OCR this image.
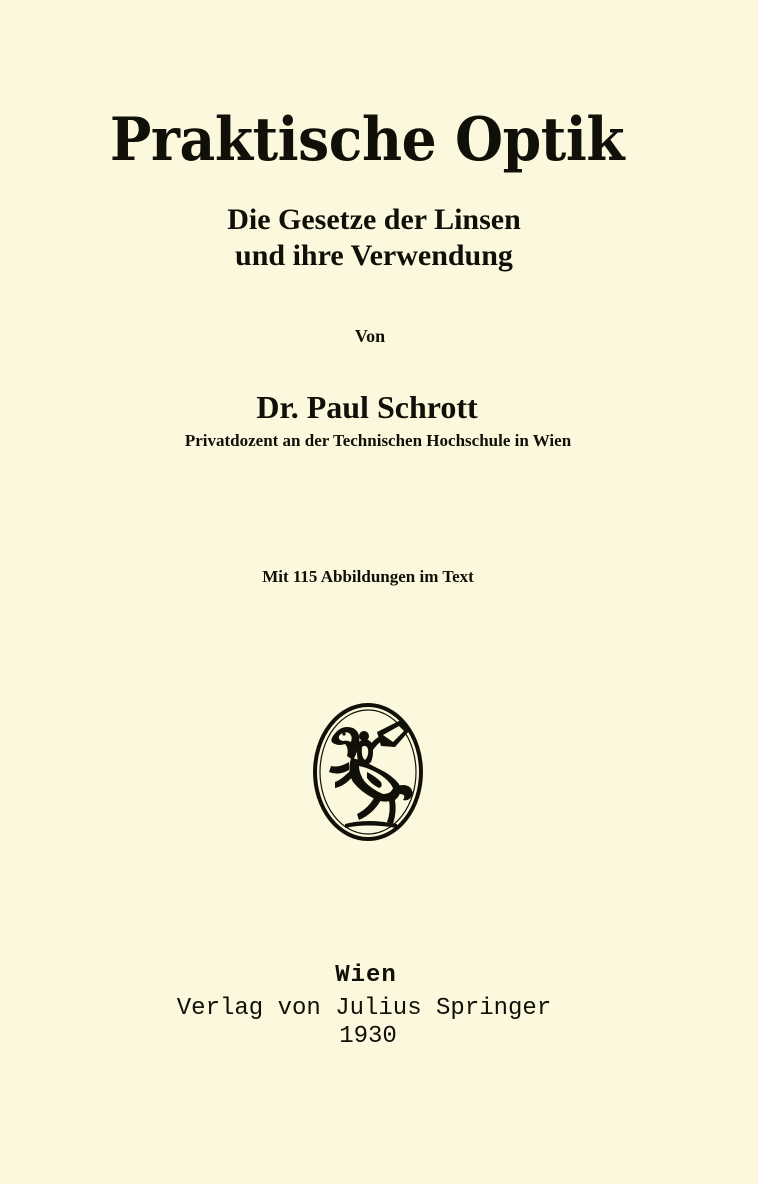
Praktische Optik
Die Gesetze der Linsen
und ihre Verwendung
Von
Dr. Paul Schrott
Privatdozent an der Technischen Hochschule in Wien
Mit 115 Abbildungen im Text
Wien
Verlag von Julius Springer
1930
